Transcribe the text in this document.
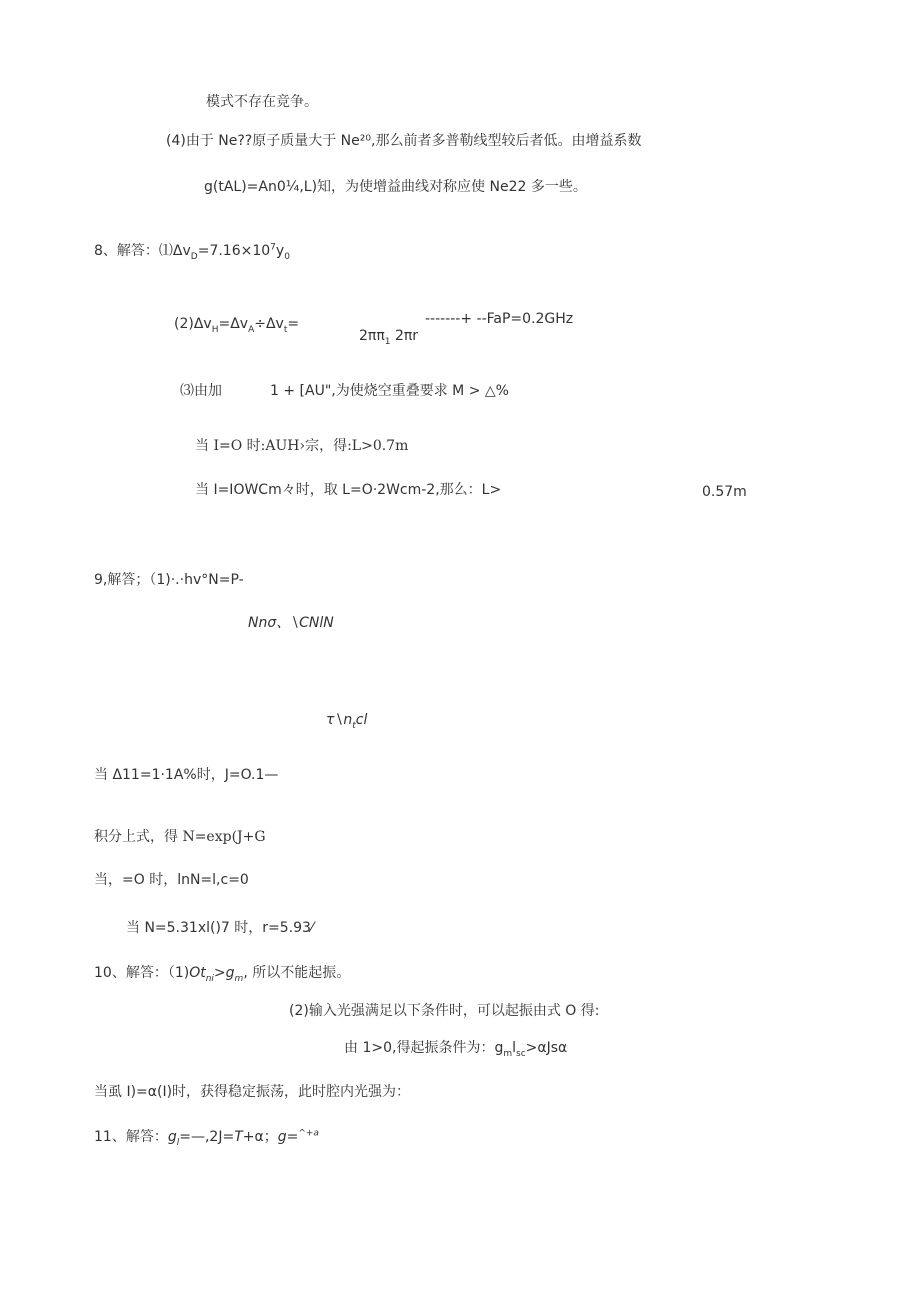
模式不存在竞争。
(4)由于 Ne??原子质量大于 Ne²⁰,那么前者多普勒线型较后者低。由增益系数
g(tAL)=An0¼,L)知，为使增益曲线对称应使 Ne22 多一些。
8、解答：$⑴\Delta v_D=7.16\times 10^7y_0$
$(2)\Delta v_H=\Delta v_A\div\Delta v_t=$	-------+ --FaP=0.2GHz
$2\pi\pi_1$ 2πr
⑶由加	1 + [AU",为使烧空重叠要求 M > △%
当 I=O 时:AUH›宗，得:L>0.7m
当 I=IOWCm々时，取 L=O·2Wcm-2,那么：L>	0.57m
9,解答；（1)·.·hv°N=P-
Nnσ、∖CNlN
$\tau∖n_tcl$
当 Δ11=1·1A%时，J=O.1—
积分上式，得 N=exp(J+G
当，=O 时，lnN=l,c=0
当 N=5.31xl()7 时，r=5.93⁄
10、解答：$(1)Ot_{ni}>g_m$, 所以不能起振。
(2)输入光强满足以下条件时，可以起振由式 O 得:
由 1>0,得起振条件为：$g_ml_{sc}>\alpha Js\alpha$
当虱 I)=α(I)时，获得稳定振荡，此时腔内光强为：
11、解答：$g_l=—,2J=T+\alpha$；g=$^{\^{}+a}$
